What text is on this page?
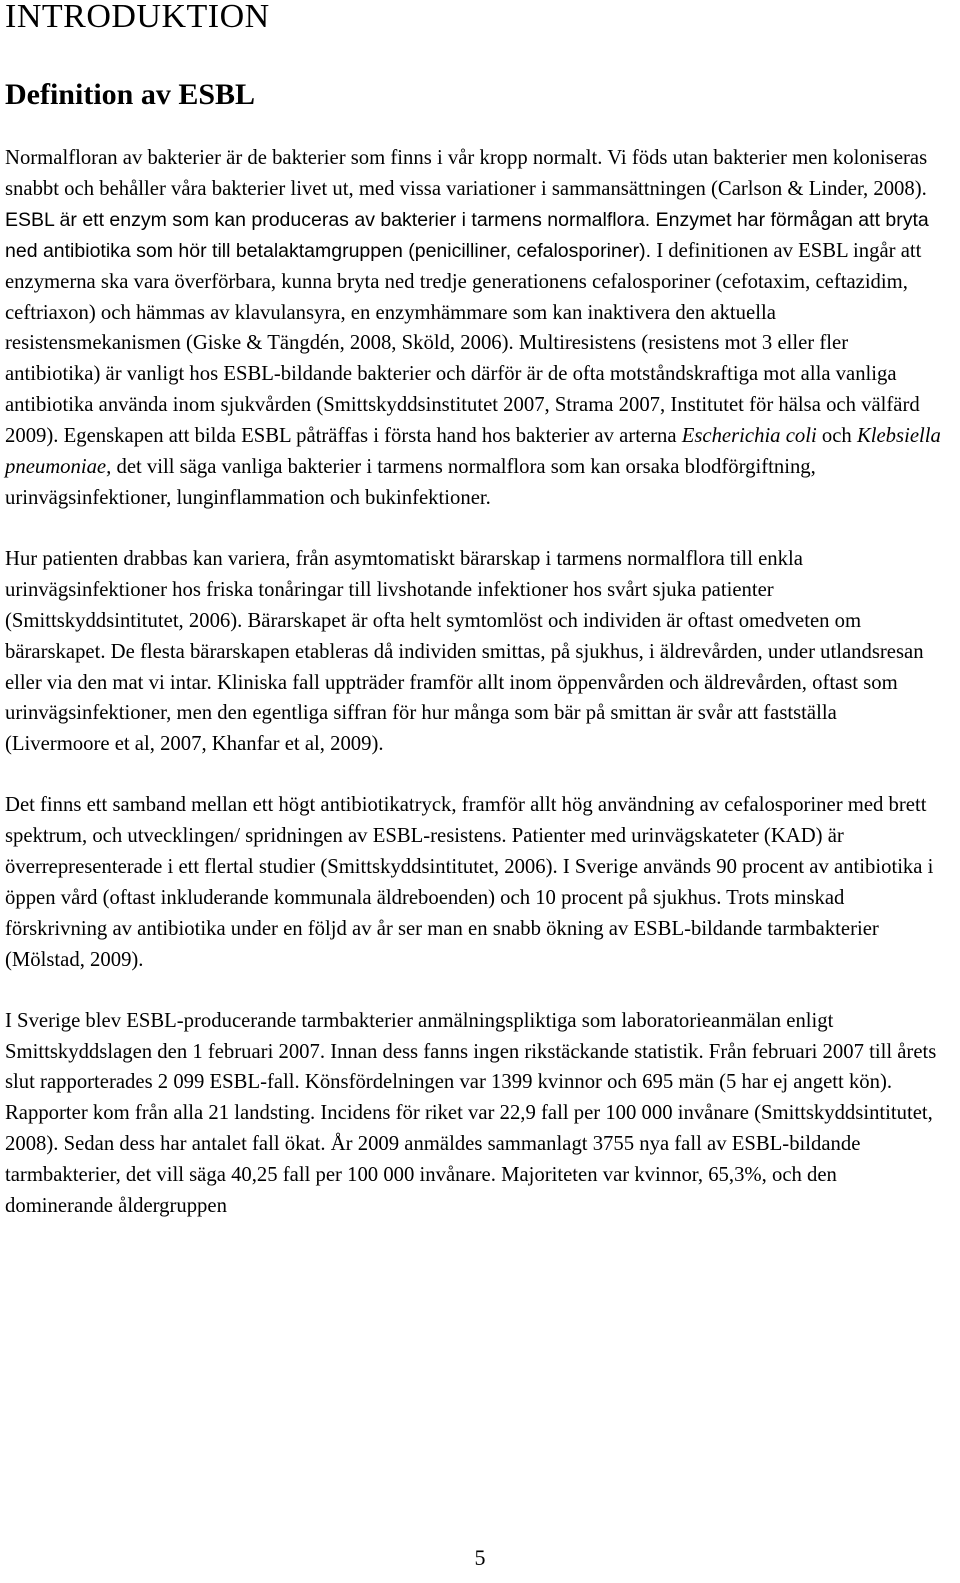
INTRODUKTION
Definition av ESBL

Normalfloran av bakterier är de bakterier som finns i vår kropp normalt. Vi föds utan bakterier men koloniseras snabbt och behåller våra bakterier livet ut, med vissa variationer i sammansättningen (Carlson & Linder, 2008). ESBL är ett enzym som kan produceras av bakterier i tarmens normalflora. Enzymet har förmågan att bryta ned antibiotika som hör till betalaktamgruppen (penicilliner, cefalosporiner). I definitionen av ESBL ingår att enzymerna ska vara överförbara, kunna bryta ned tredje generationens cefalosporiner (cefotaxim, ceftazidim, ceftriaxon) och hämmas av klavulansyra, en enzymhämmare som kan inaktivera den aktuella resistensmekanismen (Giske & Tängdén, 2008, Sköld, 2006). Multiresistens (resistens mot 3 eller fler antibiotika) är vanligt hos ESBL-bildande bakterier och därför är de ofta motståndskraftiga mot alla vanliga antibiotika använda inom sjukvården (Smittskyddsinstitutet 2007, Strama 2007, Institutet för hälsa och välfärd 2009). Egenskapen att bilda ESBL påträffas i första hand hos bakterier av arterna Escherichia coli och Klebsiella pneumoniae, det vill säga vanliga bakterier i tarmens normalflora som kan orsaka blodförgiftning, urinvägsinfektioner, lunginflammation och bukinfektioner.

Hur patienten drabbas kan variera, från asymtomatiskt bärarskap i tarmens normalflora till enkla urinvägsinfektioner hos friska tonåringar till livshotande infektioner hos svårt sjuka patienter (Smittskyddsintitutet, 2006). Bärarskapet är ofta helt symtomlöst och individen är oftast omedveten om bärarskapet. De flesta bärarskapen etableras då individen smittas, på sjukhus, i äldrevården, under utlandsresan eller via den mat vi intar. Kliniska fall uppträder framför allt inom öppenvården och äldrevården, oftast som urinvägsinfektioner, men den egentliga siffran för hur många som bär på smittan är svår att fastställa (Livermoore et al, 2007, Khanfar et al, 2009).

Det finns ett samband mellan ett högt antibiotikatryck, framför allt hög användning av cefalosporiner med brett spektrum, och utvecklingen/ spridningen av ESBL-resistens. Patienter med urinvägskateter (KAD) är överrepresenterade i ett flertal studier (Smittskyddsintitutet, 2006). I Sverige används 90 procent av antibiotika i öppen vård (oftast inkluderande kommunala äldreboenden) och 10 procent på sjukhus. Trots minskad förskrivning av antibiotika under en följd av år ser man en snabb ökning av ESBL-bildande tarmbakterier (Mölstad, 2009).

I Sverige blev ESBL-producerande tarmbakterier anmälningspliktiga som laboratorieanmälan enligt Smittskyddslagen den 1 februari 2007. Innan dess fanns ingen rikstäckande statistik. Från februari 2007 till årets slut rapporterades 2 099 ESBL-fall. Könsfördelningen var 1399 kvinnor och 695 män (5 har ej angett kön). Rapporter kom från alla 21 landsting. Incidens för riket var 22,9 fall per 100 000 invånare (Smittskyddsintitutet, 2008). Sedan dess har antalet fall ökat. År 2009 anmäldes sammanlagt 3755 nya fall av ESBL-bildande tarmbakterier, det vill säga 40,25 fall per 100 000 invånare. Majoriteten var kvinnor, 65,3%, och den dominerande åldergruppen

5
